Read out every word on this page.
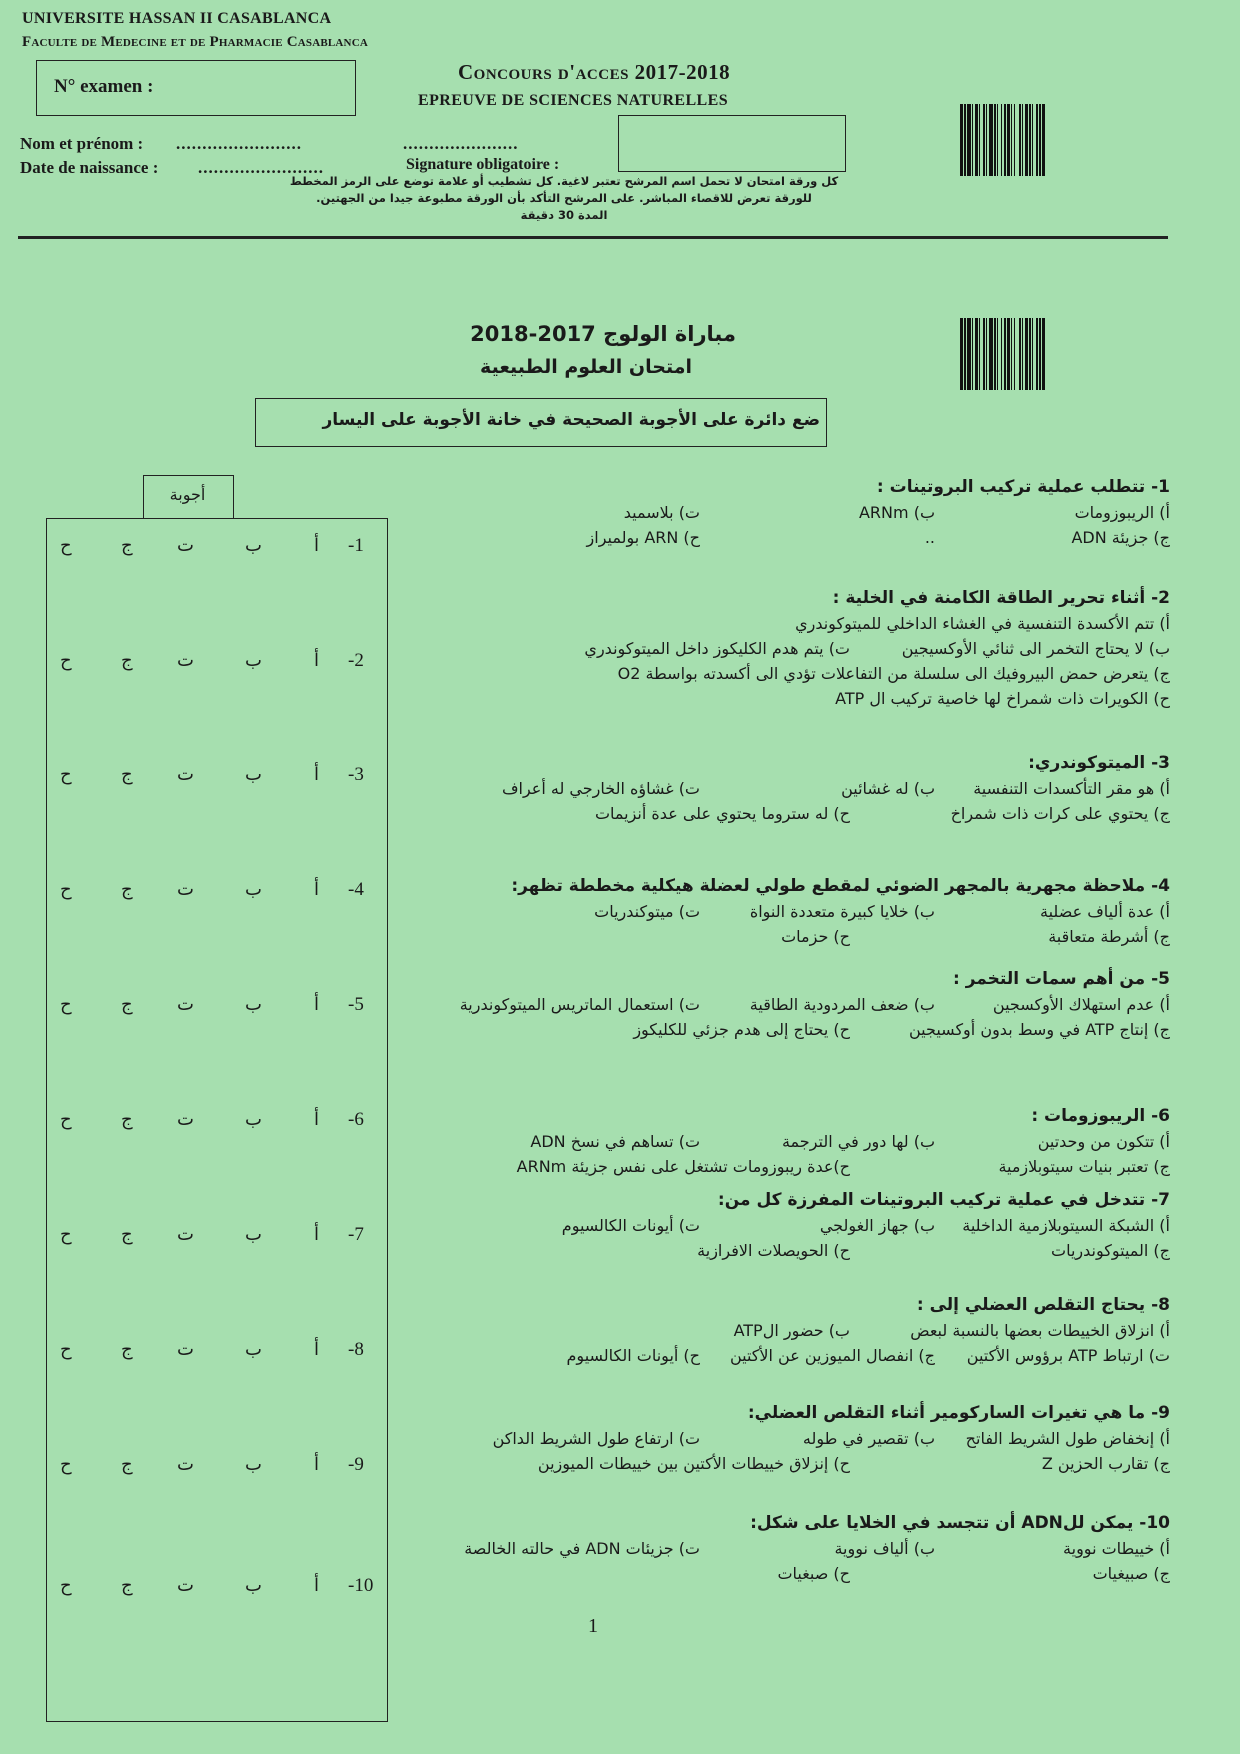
UNIVERSITE HASSAN II CASABLANCA
Faculte de Medecine et de Pharmacie Casablanca
N° examen :
Concours d'acces 2017-2018
EPREUVE DE SCIENCES NATURELLES
Nom et prénom : ........................	......................
Date de naissance : ........................	Signature obligatoire :
كل ورقة امتحان لا تحمل اسم المرشح تعتبر لاغية. كل تشطيب أو علامة توضع على الرمز المخطط
للورقة تعرض للاقصاء المباشر. على المرشح التأكد بأن الورقة مطبوعة جيدا من الجهتين.
المدة 30 دقيقة
مباراة الولوج 2017-2018
امتحان العلوم الطبيعية
ضع دائرة على الأجوبة الصحيحة في خانة الأجوبة على اليسار
أجوبة
-1
أ
ب
ت
ج
ح
-2
أ
ب
ت
ج
ح
-3
أ
ب
ت
ج
ح
-4
أ
ب
ت
ج
ح
-5
أ
ب
ت
ج
ح
-6
أ
ب
ت
ج
ح
-7
أ
ب
ت
ج
ح
-8
أ
ب
ت
ج
ح
-9
أ
ب
ت
ج
ح
-10
أ
ب
ت
ج
ح
1- تتطلب عملية تركيب البروتينات :
أ) الريبوزومات
ب) ARNm
ت) بلاسميد
ج) جزيئة ADN
..
ح) ARN بولميراز
2- أثناء تحرير الطاقة الكامنة في الخلية :
أ) تتم الأكسدة التنفسية في الغشاء الداخلي للميتوكوندري
ب) لا يحتاج التخمر الى ثنائي الأوكسيجين
ت) يتم هدم الكليكوز داخل الميتوكوندري
ج) يتعرض حمض البيروفيك الى سلسلة من التفاعلات تؤدي الى أكسدته بواسطة O2
ح) الكويرات ذات شمراخ لها خاصية تركيب ال ATP
3- الميتوكوندري:
أ) هو مقر التأكسدات التنفسية
ب) له غشائين
ت) غشاؤه الخارجي له أعراف
ج) يحتوي على كرات ذات شمراخ
ح) له ستروما يحتوي على عدة أنزيمات
4- ملاحظة مجهرية بالمجهر الضوئي لمقطع طولي لعضلة هيكلية مخططة تظهر:
أ) عدة ألياف عضلية
ب) خلايا كبيرة متعددة النواة
ت) ميتوكندريات
ج) أشرطة متعاقبة
ح) حزمات
5- من أهم سمات التخمر :
أ) عدم استهلاك الأوكسجين
ب) ضعف المردودية الطاقية
ت) استعمال الماتريس الميتوكوندرية
ج) إنتاج ATP في وسط بدون أوكسيجين
ح) يحتاج إلى هدم جزئي للكليكوز
6- الريبوزومات :
أ) تتكون من وحدتين
ب) لها دور في الترجمة
ت) تساهم في نسخ ADN
ج) تعتبر بنيات سيتوبلازمية
ح)عدة ريبوزومات تشتغل على نفس جزيئة ARNm
7- تتدخل في عملية تركيب البروتينات المفرزة كل من:
أ) الشبكة السيتوبلازمية الداخلية
ب) جهاز الغولجي
ت) أيونات الكالسيوم
ج) الميتوكوندريات
ح) الحويصلات الافرازية
8- يحتاج التقلص العضلي إلى :
أ) انزلاق الخييطات بعضها بالنسبة لبعض
ب) حضور الATP
ت) ارتباط ATP برؤوس الأكتين
ج) انفصال الميوزين عن الأكتين
ح) أيونات الكالسيوم
9- ما هي تغيرات الساركومير أثناء التقلص العضلي:
أ) إنخفاض طول الشريط الفاتح
ب) تقصير في طوله
ت) ارتفاع طول الشريط الداكن
ج) تقارب الحزين Z
ح) إنزلاق خييطات الأكتين بين خييطات الميوزين
10- يمكن للADN أن تتجسد في الخلايا على شكل:
أ) خييطات نووية
ب) ألياف نووية
ت) جزيئات ADN في حالته الخالصة
ج) صبيغيات
ح) صبغيات
1
